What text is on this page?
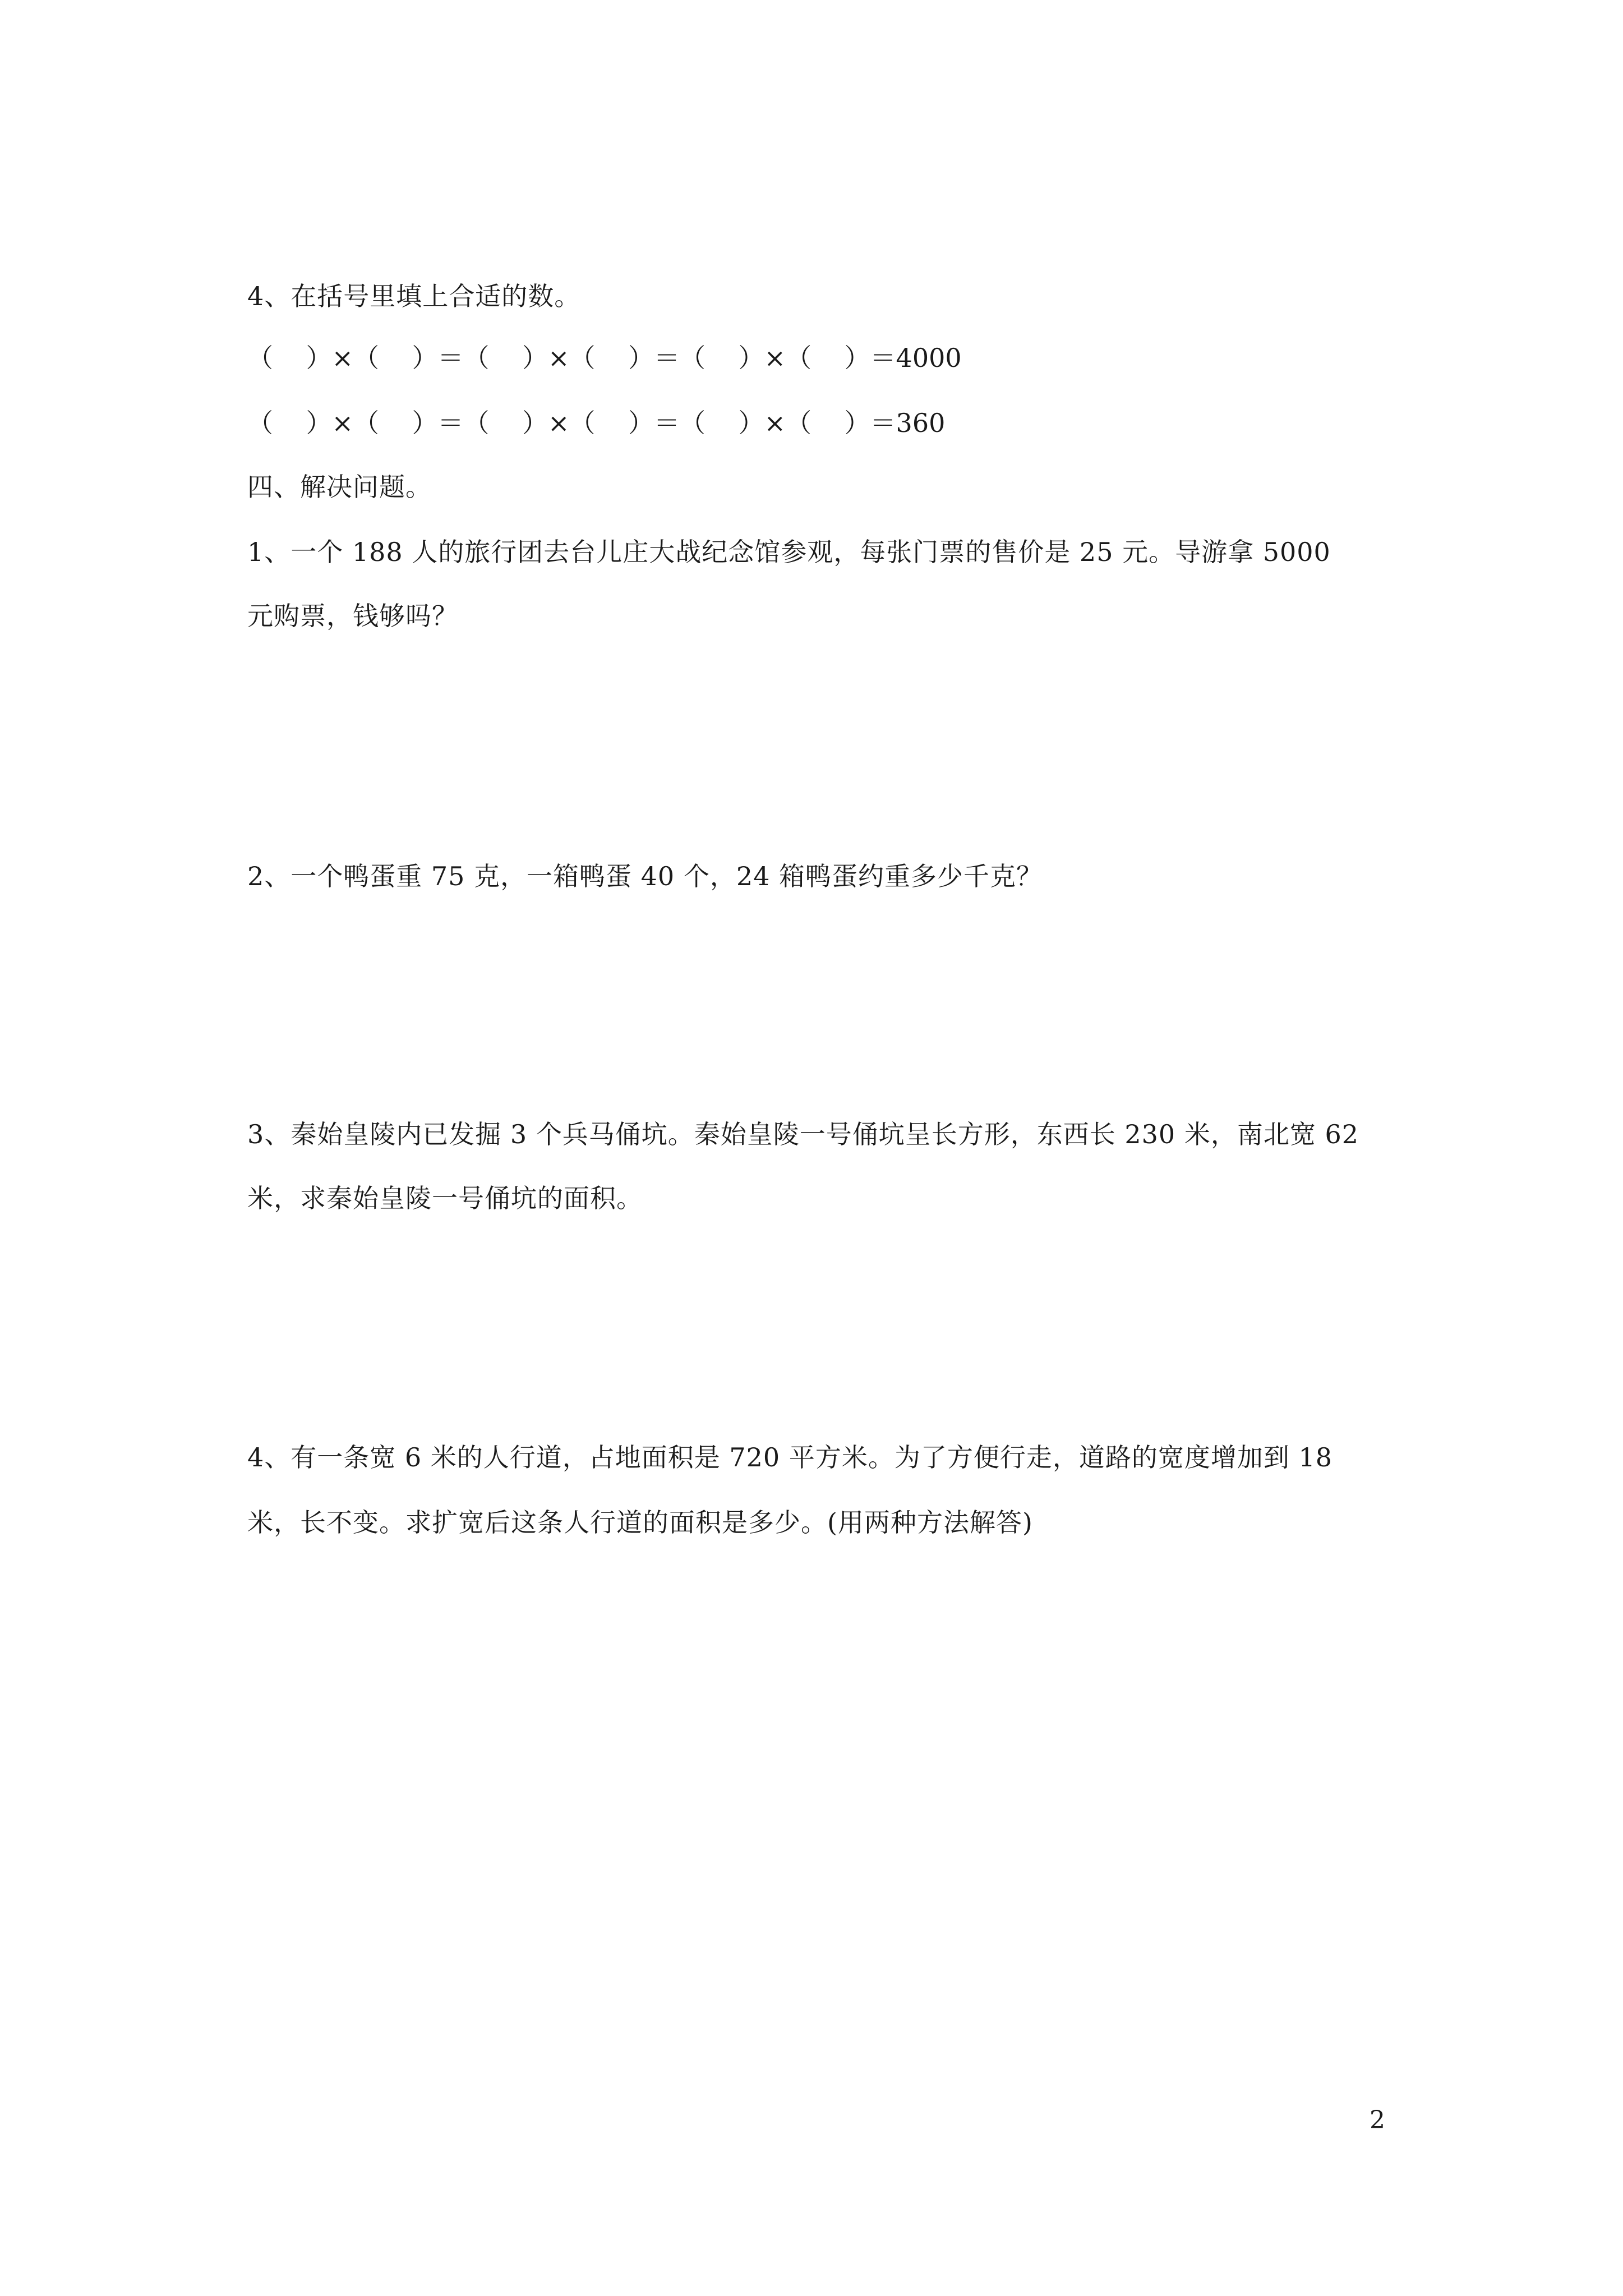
4、在括号里填上合适的数。
（    ）×（    ）＝（    ）×（    ）＝（    ）×（    ）＝4000
（    ）×（    ）＝（    ）×（    ）＝（    ）×（    ）＝360
四、解决问题。
1、一个 188 人的旅行团去台儿庄大战纪念馆参观，每张门票的售价是 25 元。导游拿 5000
元购票，钱够吗？
2、一个鸭蛋重 75 克，一箱鸭蛋 40 个，24 箱鸭蛋约重多少千克？
3、秦始皇陵内已发掘 3 个兵马俑坑。秦始皇陵一号俑坑呈长方形，东西长 230 米，南北宽 62
米，求秦始皇陵一号俑坑的面积。
4、有一条宽 6 米的人行道，占地面积是 720 平方米。为了方便行走，道路的宽度增加到 18
米，长不变。求扩宽后这条人行道的面积是多少。(用两种方法解答)
2
